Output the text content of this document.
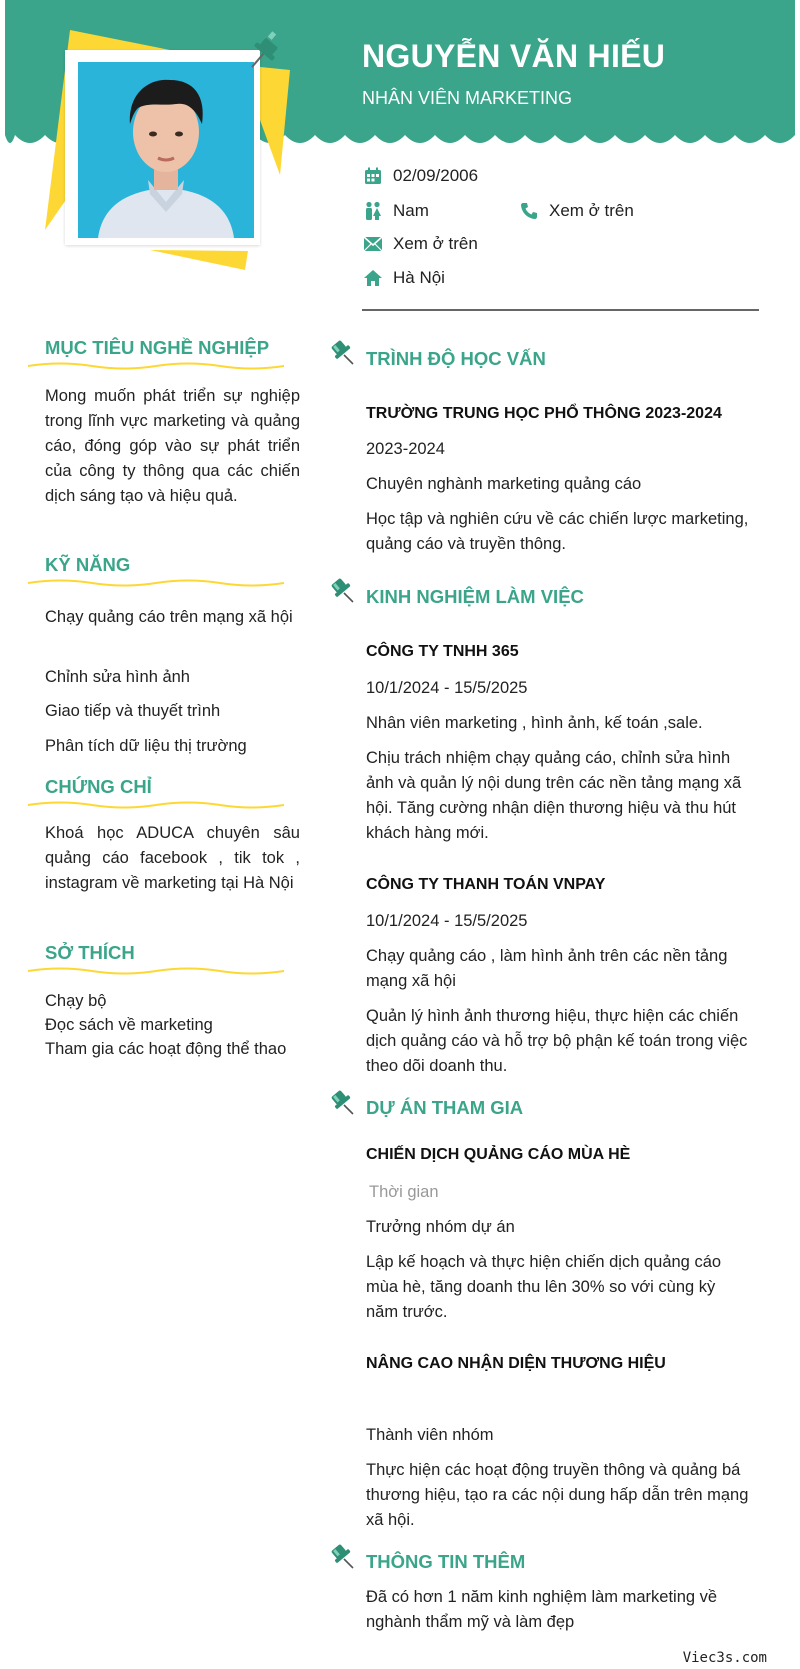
NGUYỄN VĂN HIẾU
NHÂN VIÊN MARKETING
02/09/2006
Nam	Xem ở trên
Xem ở trên
Hà Nội
MỤC TIÊU NGHỀ NGHIỆP
Mong muốn phát triển sự nghiệp trong lĩnh vực marketing và quảng cáo, đóng góp vào sự phát triển của công ty thông qua các chiến dịch sáng tạo và hiệu quả.
KỸ NĂNG
Chạy quảng cáo trên mạng xã hội
Chỉnh sửa hình ảnh
Giao tiếp và thuyết trình
Phân tích dữ liệu thị trường
CHỨNG CHỈ
Khoá học ADUCA chuyên sâu quảng cáo facebook , tik tok , instagram về marketing tại Hà Nội
SỞ THÍCH
Chạy bộ
Đọc sách về marketing
Tham gia các hoạt động thể thao
TRÌNH ĐỘ HỌC VẤN
TRƯỜNG TRUNG HỌC PHỔ THÔNG 2023-2024
2023-2024
Chuyên nghành marketing quảng cáo
Học tập và nghiên cứu về các chiến lược marketing, quảng cáo và truyền thông.
KINH NGHIỆM LÀM VIỆC
CÔNG TY TNHH 365
10/1/2024 - 15/5/2025
Nhân viên marketing , hình ảnh, kế toán ,sale.
Chịu trách nhiệm chạy quảng cáo, chỉnh sửa hình ảnh và quản lý nội dung trên các nền tảng mạng xã hội. Tăng cường nhận diện thương hiệu và thu hút khách hàng mới.
CÔNG TY THANH TOÁN VNPAY
10/1/2024 - 15/5/2025
Chạy quảng cáo , làm hình ảnh trên các nền tảng mạng xã hội
Quản lý hình ảnh thương hiệu, thực hiện các chiến dịch quảng cáo và hỗ trợ bộ phận kế toán trong việc theo dõi doanh thu.
DỰ ÁN THAM GIA
CHIẾN DỊCH QUẢNG CÁO MÙA HÈ
Thời gian
Trưởng nhóm dự án
Lập kế hoạch và thực hiện chiến dịch quảng cáo mùa hè, tăng doanh thu lên 30% so với cùng kỳ năm trước.
NÂNG CAO NHẬN DIỆN THƯƠNG HIỆU
Thành viên nhóm
Thực hiện các hoạt động truyền thông và quảng bá thương hiệu, tạo ra các nội dung hấp dẫn trên mạng xã hội.
THÔNG TIN THÊM
Đã có hơn 1 năm kinh nghiệm làm marketing về nghành thẩm mỹ và làm đẹp
Viec3s.com
